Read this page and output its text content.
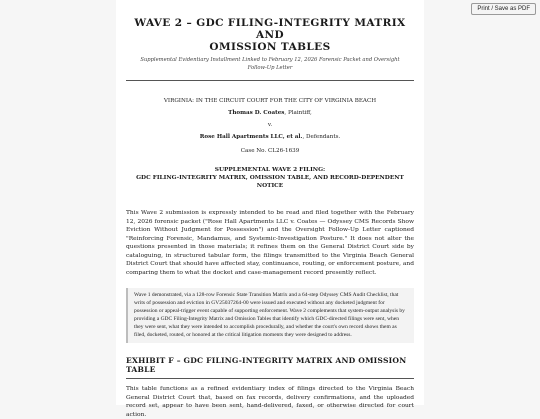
Print / Save as PDF
WAVE 2 – GDC FILING-INTEGRITY MATRIX AND
OMISSION TABLES
Supplemental Evidentiary Installment Linked to February 12, 2026 Forensic Packet and Oversight Follow-Up Letter
VIRGINIA: IN THE CIRCUIT COURT FOR THE CITY OF VIRGINIA BEACH
Thomas D. Coates, Plaintiff,
v.
Rose Hall Apartments LLC, et al., Defendants.
Case No. CL26-1639
SUPPLEMENTAL WAVE 2 FILING:
GDC FILING-INTEGRITY MATRIX, OMISSION TABLE, AND RECORD-DEPENDENT NOTICE

This Wave 2 submission is expressly intended to be read and filed together with the February 12, 2026 forensic packet ("Rose Hall Apartments LLC v. Coates — Odyssey CMS Records Show Eviction Without Judgment for Possession") and the Oversight Follow-Up Letter captioned "Reinforcing Forensic, Mandamus, and Systemic-Investigation Posture." It does not alter the questions presented in those materials; it refines them on the General District Court side by cataloguing, in structured tabular form, the filings transmitted to the Virginia Beach General District Court that should have affected stay, continuance, routing, or enforcement posture, and comparing them to what the docket and case-management record presently reflect.

Wave 1 demonstrated, via a 128-row Forensic State Transition Matrix and a 64-step Odyssey CMS Audit Checklist, that writs of possession and eviction in GV25037264-00 were issued and executed without any docketed judgment for possession or appeal-trigger event capable of supporting enforcement. Wave 2 complements that system-output analysis by providing a GDC Filing-Integrity Matrix and Omission Tables that identify which GDC-directed filings were sent, when they were sent, what they were intended to accomplish procedurally, and whether the court's own record shows them as filed, docketed, routed, or honored at the critical litigation moments they were designed to address.
EXHIBIT F – GDC FILING-INTEGRITY MATRIX AND OMISSION TABLE

This table functions as a refined evidentiary index of filings directed to the Virginia Beach General District Court that, based on fax records, delivery confirmations, and the uploaded record set, appear to have been sent, hand-delivered, faxed, or otherwise directed for court action.
